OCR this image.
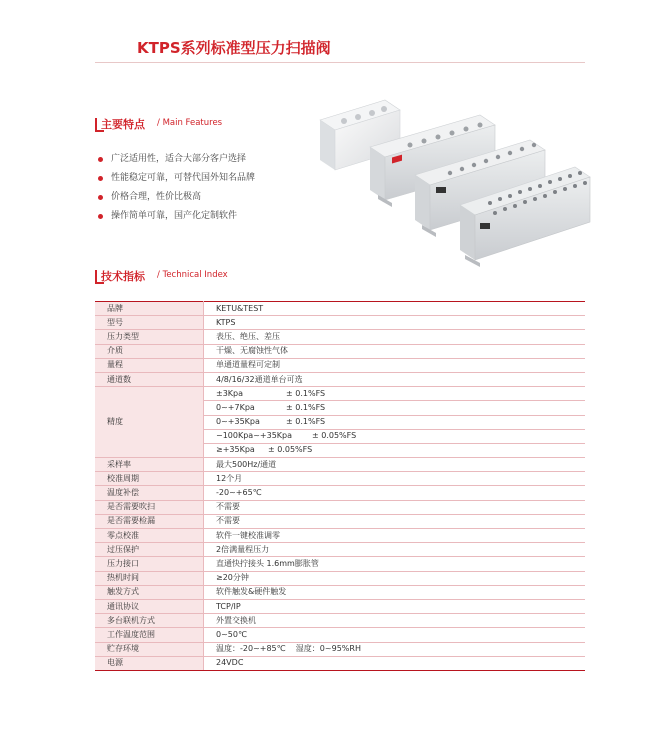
KTPS系列标准型压力扫描阀
主要特点 / Main Features
广泛适用性，适合大部分客户选择
性能稳定可靠，可替代国外知名品牌
价格合理，性价比极高
操作简单可靠，国产化定制软件
技术指标 / Technical Index
品牌	KETU&TEST
型号	KTPS
压力类型	表压、绝压、差压
介质	干燥、无腐蚀性气体
量程	单通道量程可定制
通道数	4/8/16/32通道单台可选
精度	±3Kpa ± 0.1%FS
	0~+7Kpa ± 0.1%FS
	0~+35Kpa ± 0.1%FS
	−100Kpa~+35Kpa ± 0.05%FS
	≥+35Kpa ± 0.05%FS
采样率	最大500Hz/通道
校准周期	12个月
温度补偿	-20~+65℃
是否需要吹扫	不需要
是否需要检漏	不需要
零点校准	软件一键校准调零
过压保护	2倍满量程压力
压力接口	直通快拧接头 1.6mm膨胀管
热机时间	≥20分钟
触发方式	软件触发&硬件触发
通讯协议	TCP/IP
多台联机方式	外置交换机
工作温度范围	0~50℃
贮存环境	温度：-20~+85℃    湿度：0~95%RH
电源	24VDC
